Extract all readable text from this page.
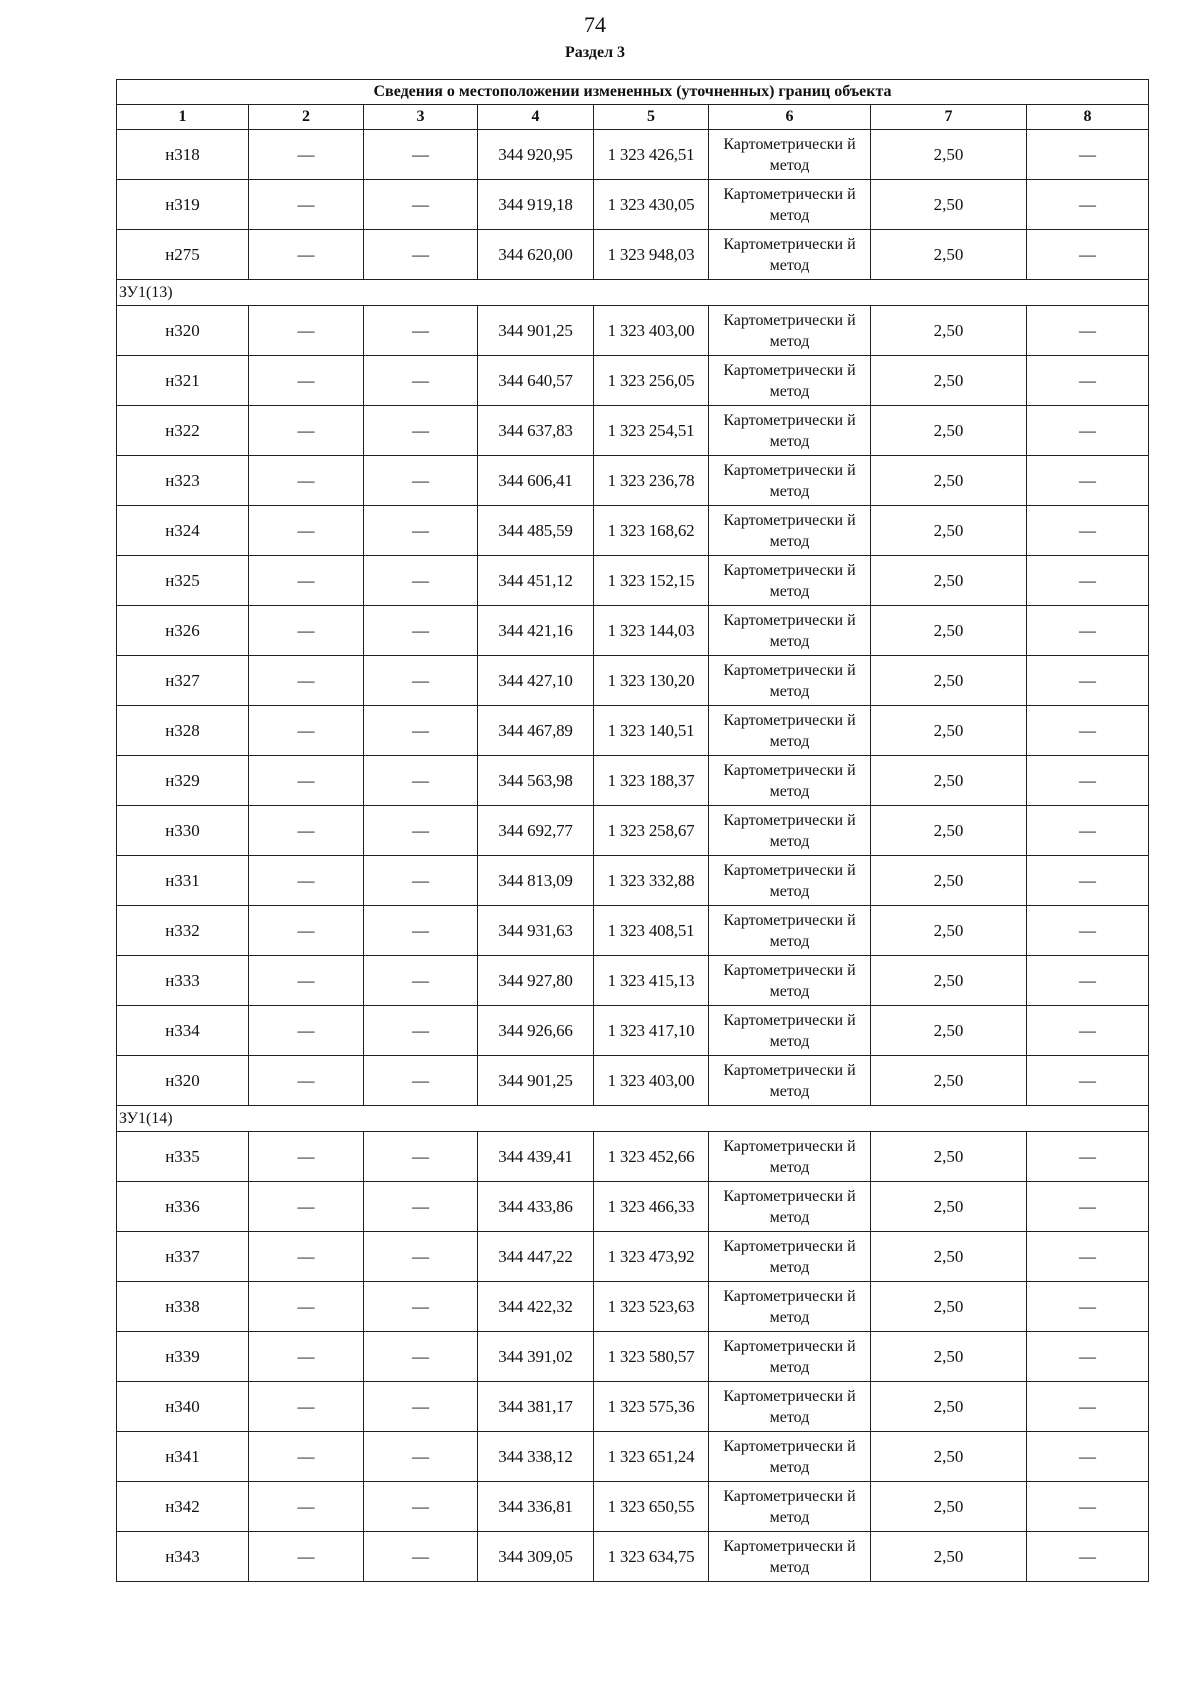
74
Раздел 3
Сведения о местоположении измененных (уточненных) границ объекта							
1	2	3	4	5	6	7	8
н318	—	—	344 920,95	1 323 426,51	Картометрически й метод	2,50	—
н319	—	—	344 919,18	1 323 430,05	Картометрически й метод	2,50	—
н275	—	—	344 620,00	1 323 948,03	Картометрически й метод	2,50	—
ЗУ1(13)							
н320	—	—	344 901,25	1 323 403,00	Картометрически й метод	2,50	—
н321	—	—	344 640,57	1 323 256,05	Картометрически й метод	2,50	—
н322	—	—	344 637,83	1 323 254,51	Картометрически й метод	2,50	—
н323	—	—	344 606,41	1 323 236,78	Картометрически й метод	2,50	—
н324	—	—	344 485,59	1 323 168,62	Картометрически й метод	2,50	—
н325	—	—	344 451,12	1 323 152,15	Картометрически й метод	2,50	—
н326	—	—	344 421,16	1 323 144,03	Картометрически й метод	2,50	—
н327	—	—	344 427,10	1 323 130,20	Картометрически й метод	2,50	—
н328	—	—	344 467,89	1 323 140,51	Картометрически й метод	2,50	—
н329	—	—	344 563,98	1 323 188,37	Картометрически й метод	2,50	—
н330	—	—	344 692,77	1 323 258,67	Картометрически й метод	2,50	—
н331	—	—	344 813,09	1 323 332,88	Картометрически й метод	2,50	—
н332	—	—	344 931,63	1 323 408,51	Картометрически й метод	2,50	—
н333	—	—	344 927,80	1 323 415,13	Картометрически й метод	2,50	—
н334	—	—	344 926,66	1 323 417,10	Картометрически й метод	2,50	—
н320	—	—	344 901,25	1 323 403,00	Картометрически й метод	2,50	—
ЗУ1(14)							
н335	—	—	344 439,41	1 323 452,66	Картометрически й метод	2,50	—
н336	—	—	344 433,86	1 323 466,33	Картометрически й метод	2,50	—
н337	—	—	344 447,22	1 323 473,92	Картометрически й метод	2,50	—
н338	—	—	344 422,32	1 323 523,63	Картометрически й метод	2,50	—
н339	—	—	344 391,02	1 323 580,57	Картометрически й метод	2,50	—
н340	—	—	344 381,17	1 323 575,36	Картометрически й метод	2,50	—
н341	—	—	344 338,12	1 323 651,24	Картометрически й метод	2,50	—
н342	—	—	344 336,81	1 323 650,55	Картометрически й метод	2,50	—
н343	—	—	344 309,05	1 323 634,75	Картометрически й метод	2,50	—
